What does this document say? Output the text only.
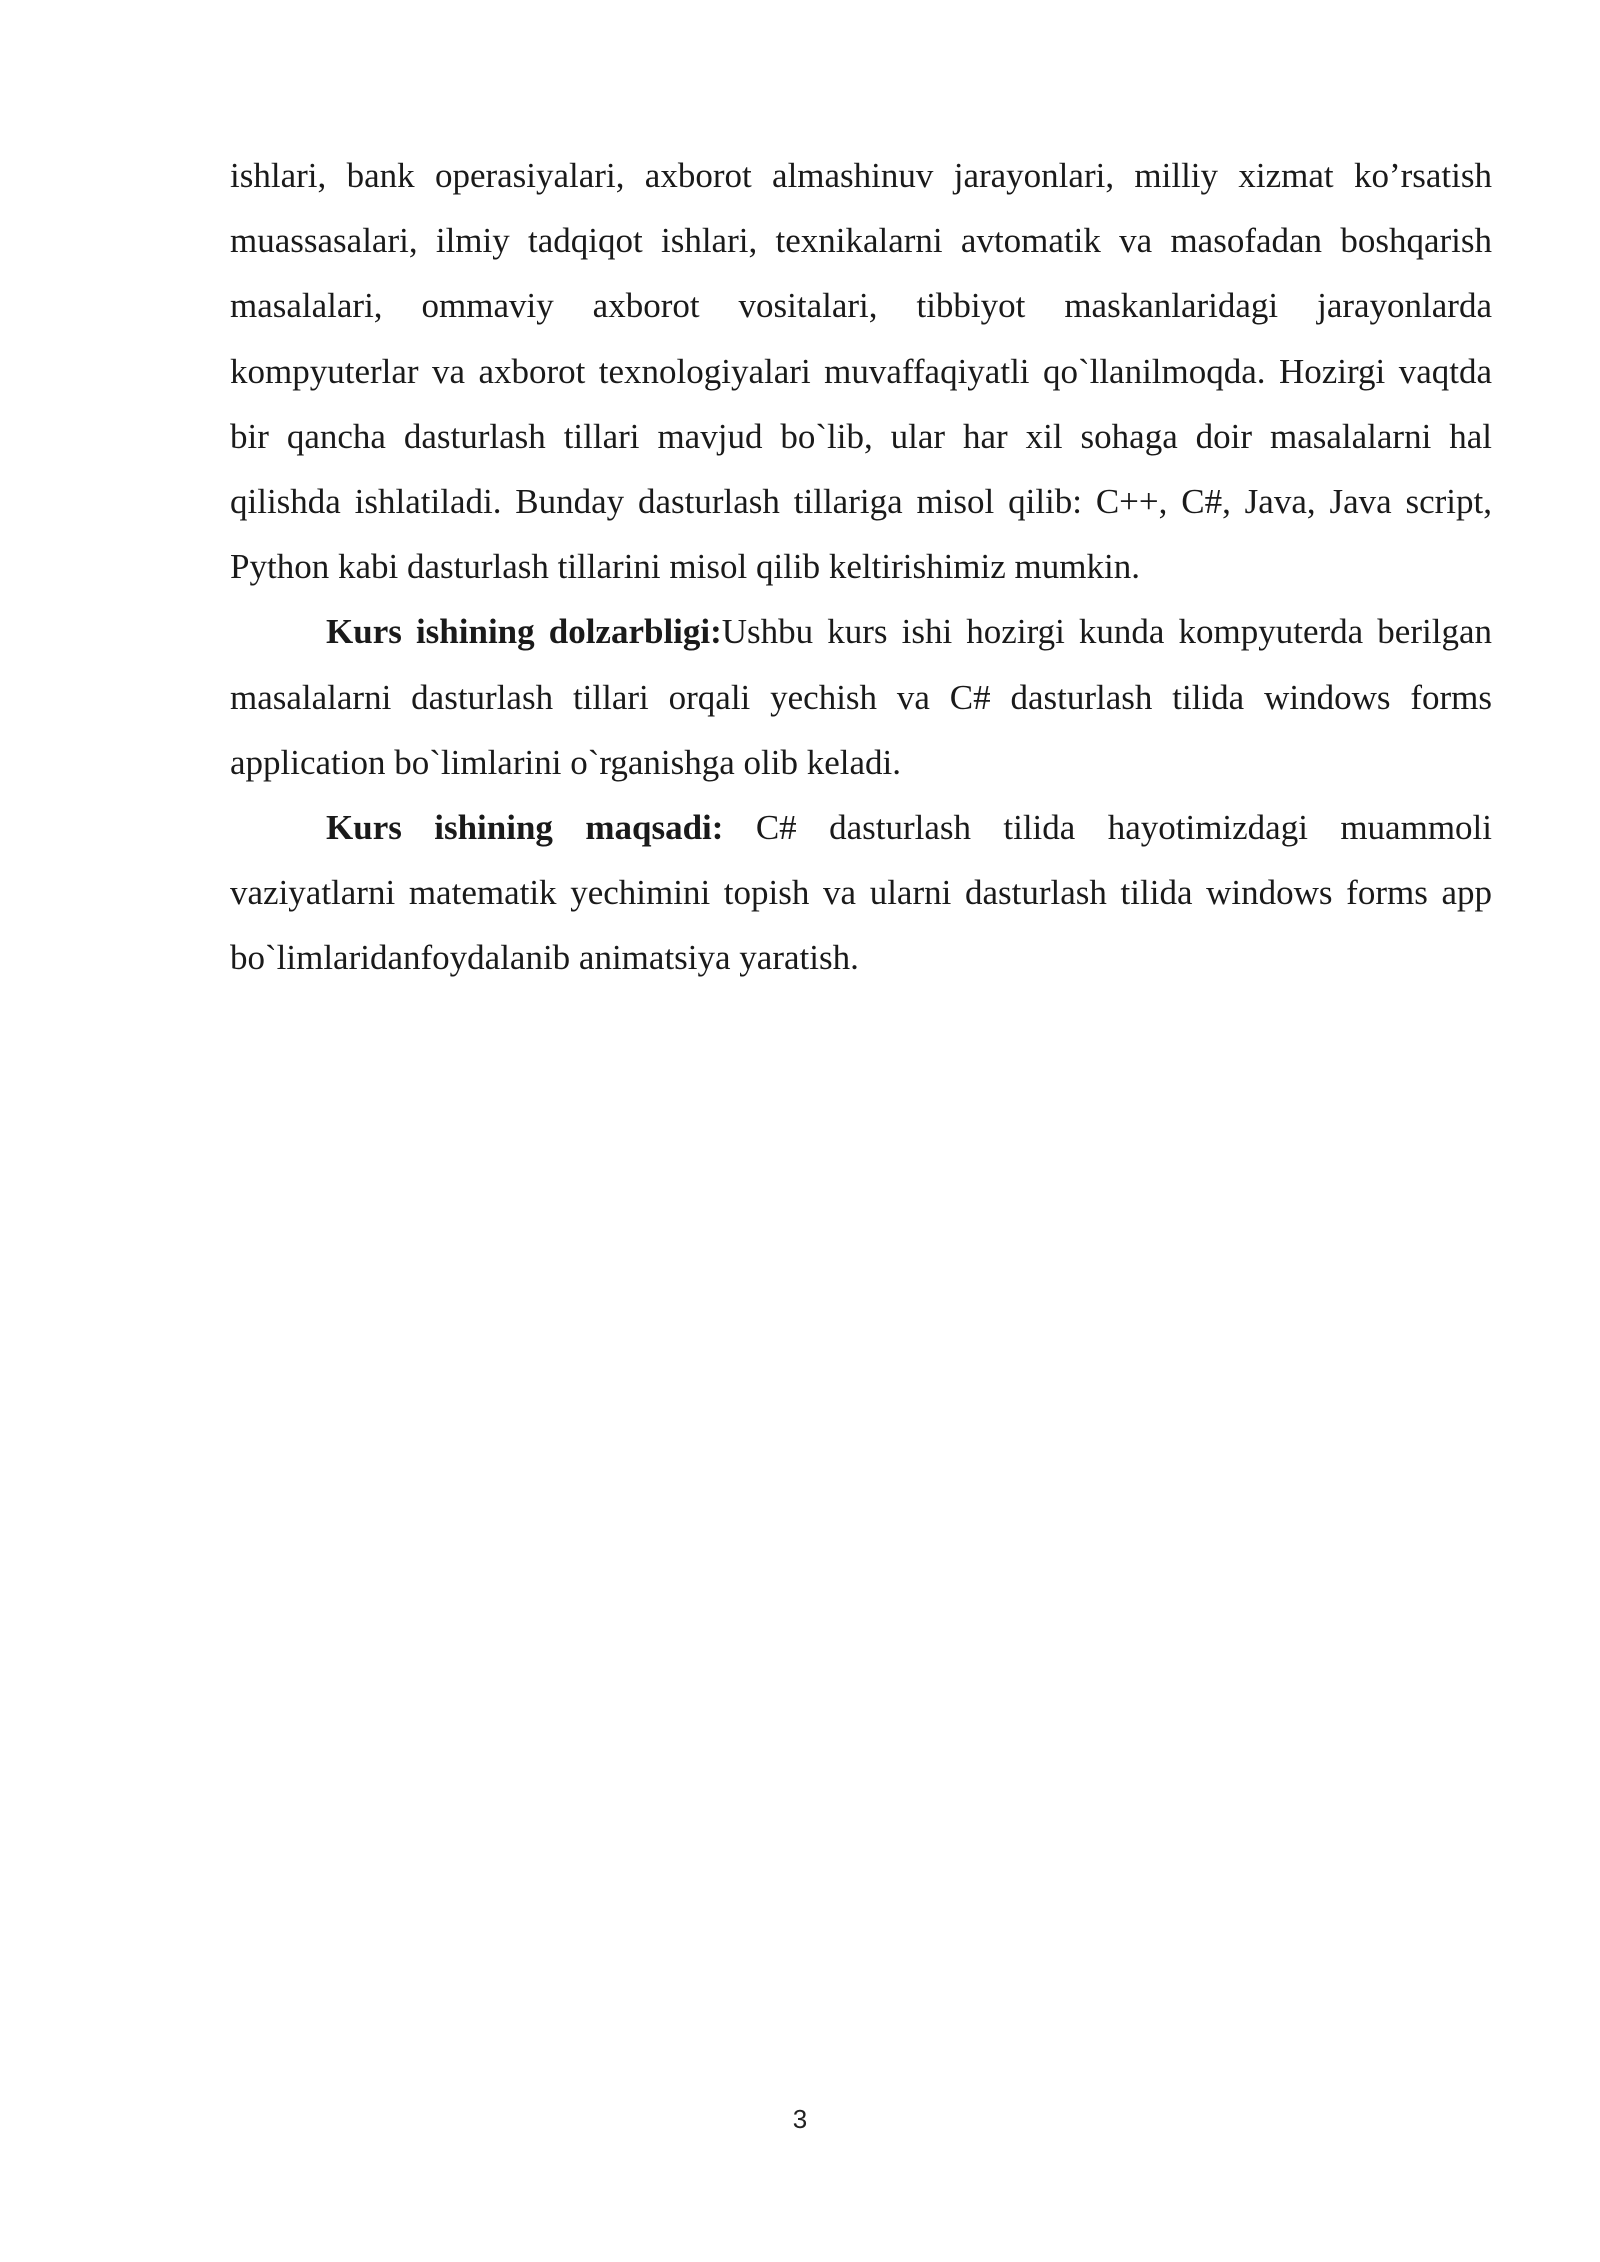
ishlari, bank operasiyalari, axborot almashinuv jarayonlari, milliy xizmat ko’rsatish muassasalari, ilmiy tadqiqot ishlari, texnikalarni avtomatik va masofadan boshqarish masalalari, ommaviy axborot vositalari, tibbiyot maskanlaridagi jarayonlarda kompyuterlar va axborot texnologiyalari muvaffaqiyatli qo`llanilmoqda. Hozirgi vaqtda bir qancha dasturlash tillari mavjud bo`lib, ular har xil sohaga doir masalalarni hal qilishda ishlatiladi. Bunday dasturlash tillariga misol qilib: C++, C#, Java, Java script, Python kabi dasturlash tillarini misol qilib keltirishimiz mumkin.

Kurs ishining dolzarbligi:Ushbu kurs ishi hozirgi kunda kompyuterda berilgan masalalarni dasturlash tillari orqali yechish va C# dasturlash tilida windows forms application bo`limlarini o`rganishga olib keladi.

Kurs ishining maqsadi: C# dasturlash tilida hayotimizdagi muammoli vaziyatlarni matematik yechimini topish va ularni dasturlash tilida windows forms app bo`limlaridanfoydalanib animatsiya yaratish.

3
